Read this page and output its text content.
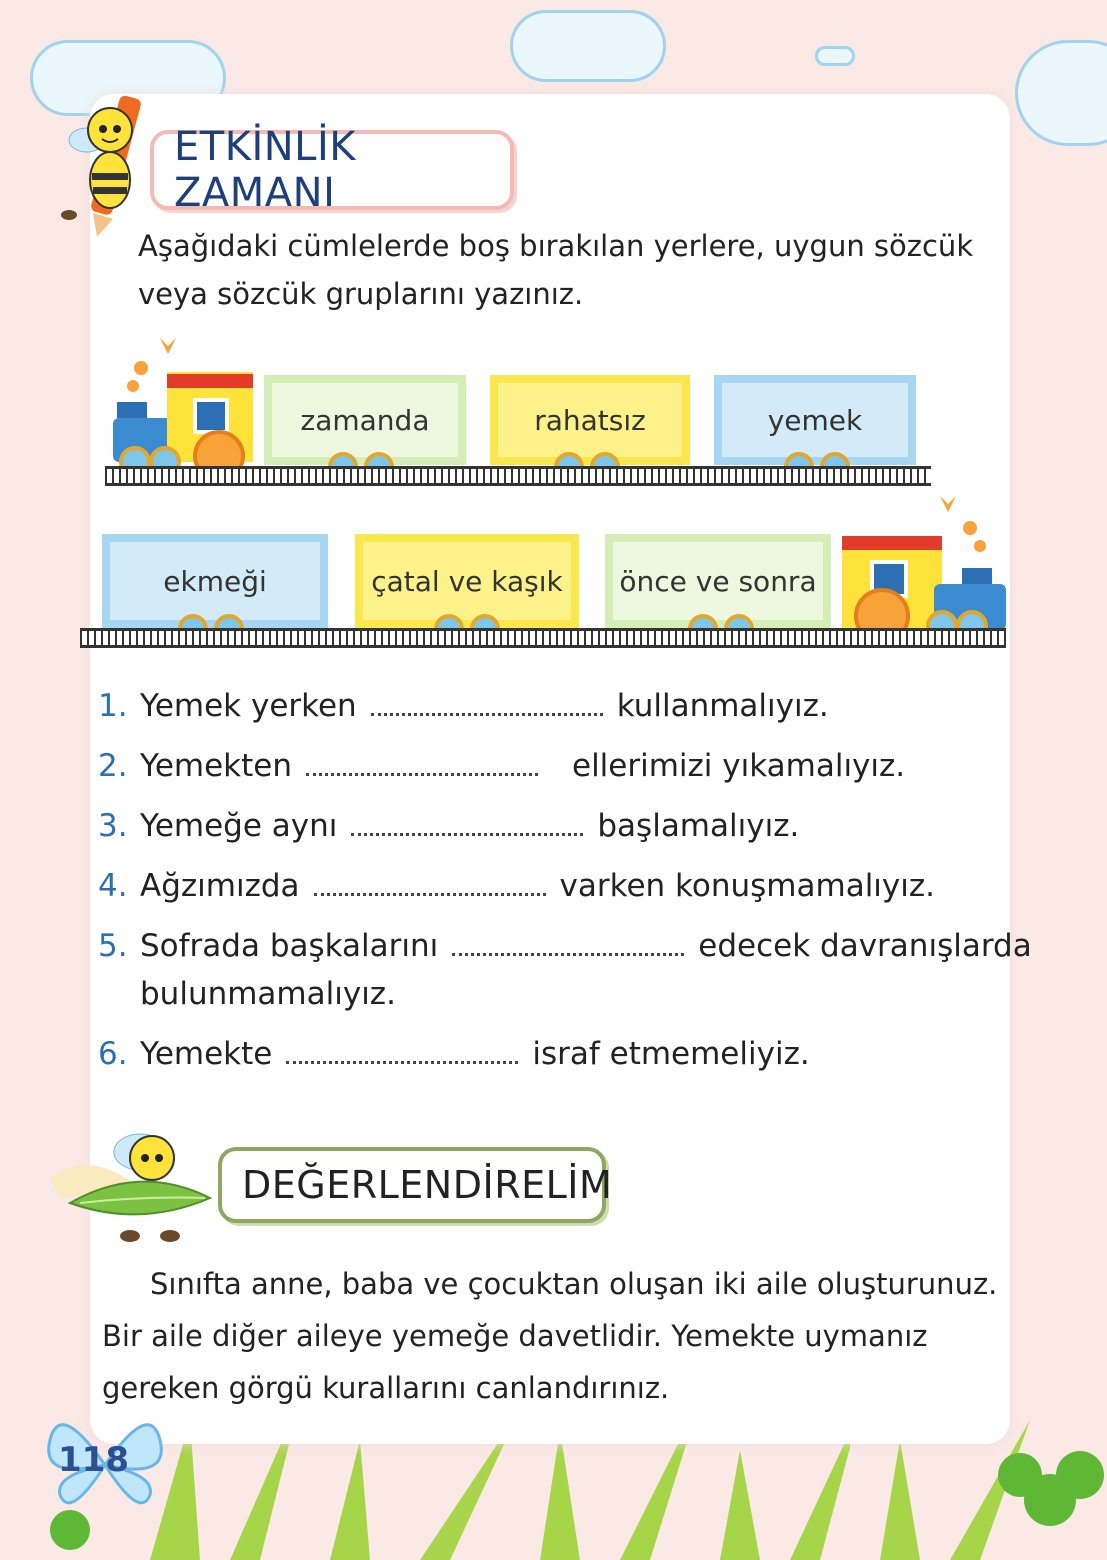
ETKİNLİK ZAMANI
Aşağıdaki cümlelerde boş bırakılan yerlere, uygun sözcük veya sözcük gruplarını yazınız.
zamanda	rahatsız	yemek
ekmeği	çatal ve kaşık önce ve sonra
1. Yemek yerken	kullanmalıyız.
2. Yemekten	ellerimizi yıkamalıyız.
3. Yemeğe aynı	başlamalıyız.
4. Ağzımızda	varken konuşmamalıyız.
5. Sofrada başkalarını	edecek davranışlarda
bulunmamalıyız.
6. Yemekte	israf etmemeliyiz.
DEĞERLENDİRELİM
Sınıfta anne, baba ve çocuktan oluşan iki aile oluşturunuz. Bir aile diğer aileye yemeğe davetlidir. Yemekte uymanız gereken görgü kurallarını canlandırınız.
118
